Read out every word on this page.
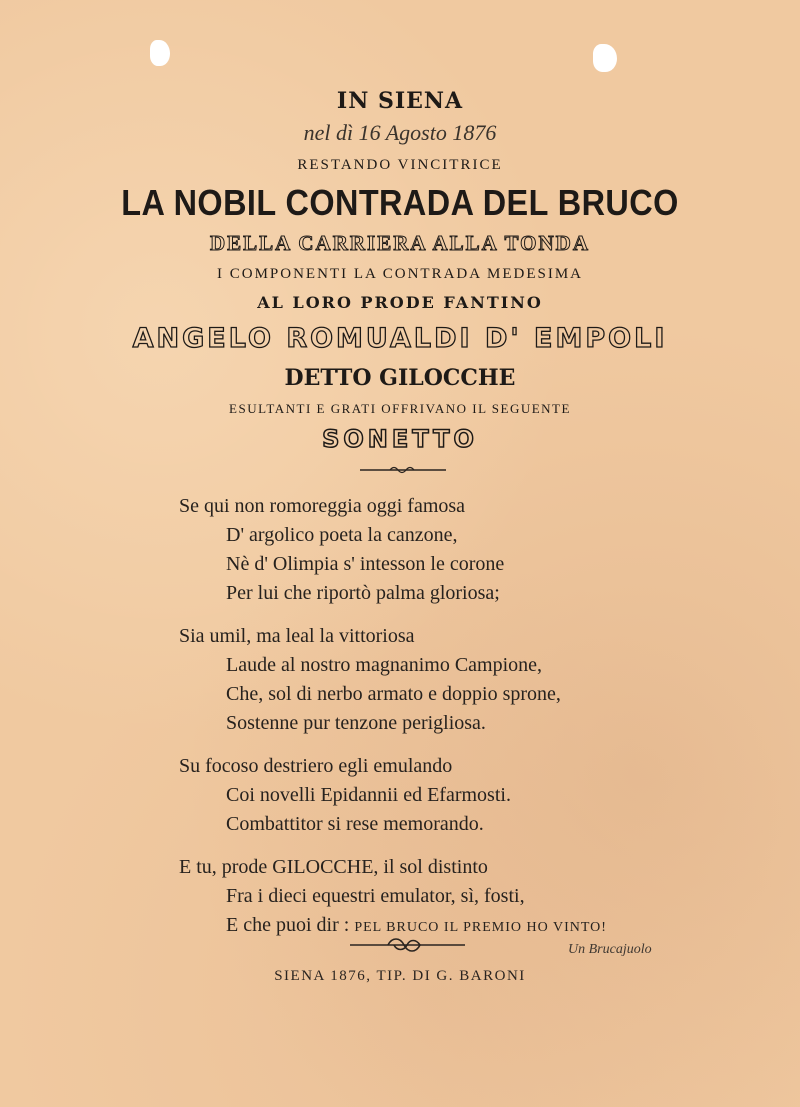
IN SIENA
nel dì 16 Agosto 1876
RESTANDO VINCITRICE
LA NOBIL CONTRADA DEL BRUCO
DELLA CARRIERA ALLA TONDA
I COMPONENTI LA CONTRADA MEDESIMA
AL LORO PRODE FANTINO
ANGELO ROMUALDI D' EMPOLI
DETTO GILOCCHE
ESULTANTI E GRATI OFFRIVANO IL SEGUENTE
SONETTO
Se qui non romoreggia oggi famosa
D' argolico poeta la canzone,
Nè d' Olimpia s' intesson le corone
Per lui che riportò palma gloriosa;
Sia umil, ma leal la vittoriosa
Laude al nostro magnanimo Campione,
Che, sol di nerbo armato e doppio sprone,
Sostenne pur tenzone perigliosa.
Su focoso destriero egli emulando
Coi novelli Epidannii ed Efarmosti.
Combattitor si rese memorando.
E tu, prode GILOCCHE, il sol distinto
Fra i dieci equestri emulator, sì, fosti,
E che puoi dir : PEL BRUCO IL PREMIO HO VINTO!
Un Brucajuolo
SIENA 1876, TIP. DI G. BARONI
